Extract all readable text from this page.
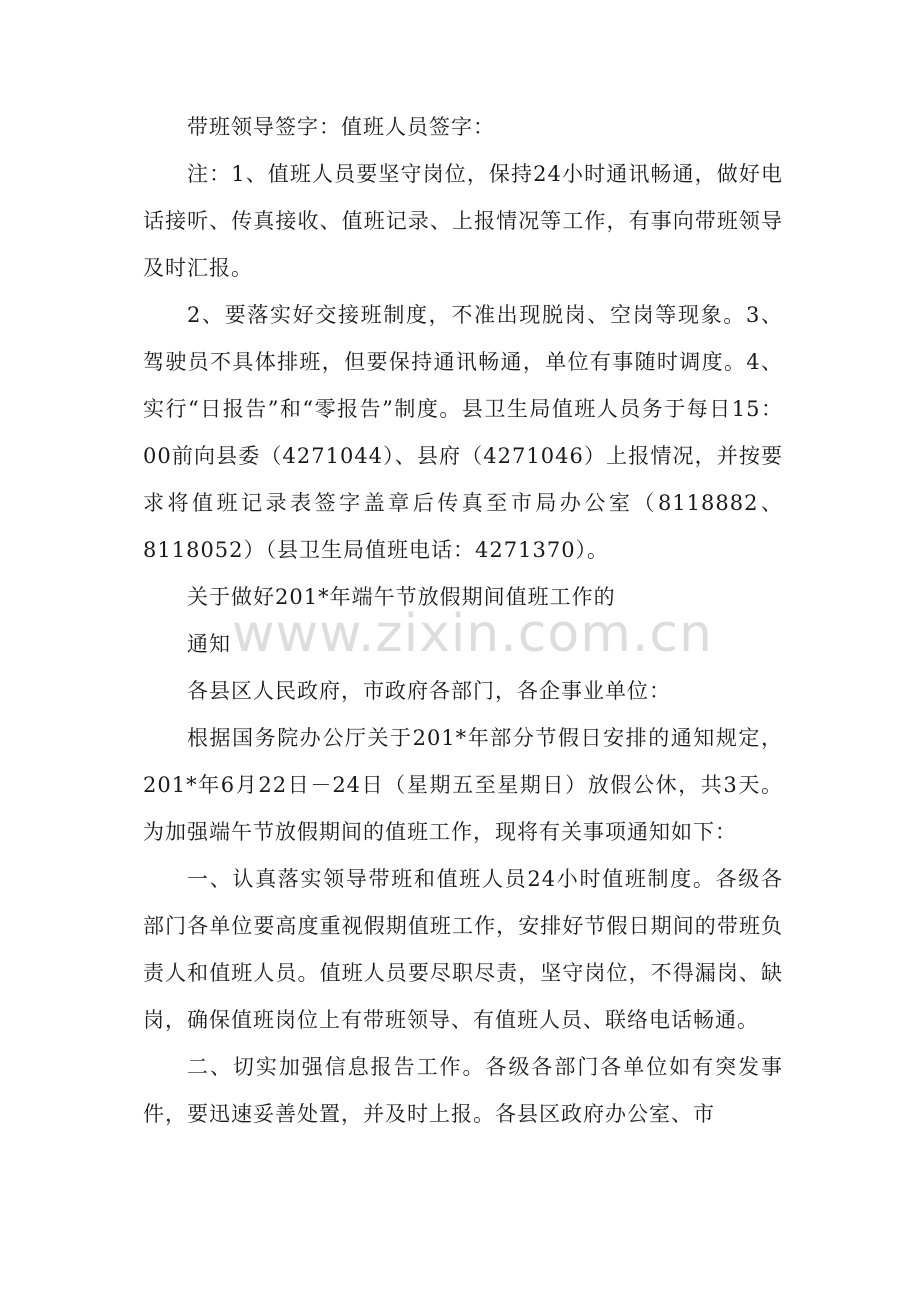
带班领导签字：值班人员签字：

注：1、值班人员要坚守岗位，保持24小时通讯畅通，做好电话接听、传真接收、值班记录、上报情况等工作，有事向带班领导及时汇报。

2、要落实好交接班制度，不准出现脱岗、空岗等现象。3、驾驶员不具体排班，但要保持通讯畅通，单位有事随时调度。4、实行“日报告”和“零报告”制度。县卫生局值班人员务于每日15：00前向县委（4271044）、县府（4271046）上报情况，并按要求将值班记录表签字盖章后传真至市局办公室（8118882、8118052）（县卫生局值班电话：4271370）。

关于做好201*年端午节放假期间值班工作的

通知

各县区人民政府，市政府各部门，各企事业单位：

根据国务院办公厅关于201*年部分节假日安排的通知规定，201*年6月22日－24日（星期五至星期日）放假公休，共3天。为加强端午节放假期间的值班工作，现将有关事项通知如下：

一、认真落实领导带班和值班人员24小时值班制度。各级各部门各单位要高度重视假期值班工作，安排好节假日期间的带班负责人和值班人员。值班人员要尽职尽责，坚守岗位，不得漏岗、缺岗，确保值班岗位上有带班领导、有值班人员、联络电话畅通。

二、切实加强信息报告工作。各级各部门各单位如有突发事件，要迅速妥善处置，并及时上报。各县区政府办公室、市

www.zixin.com.cn
